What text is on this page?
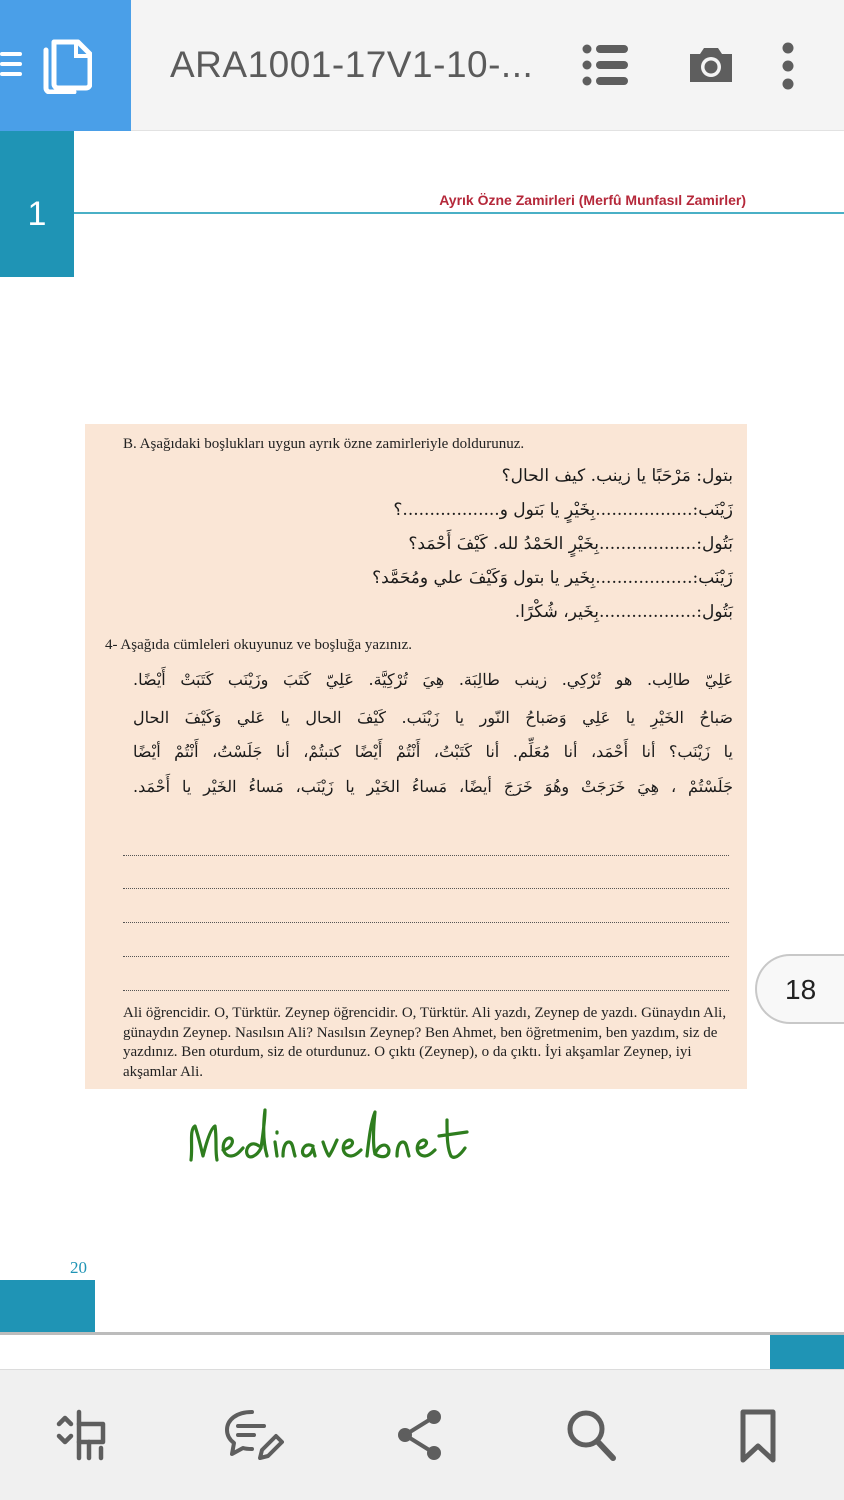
ARA1001-17V1-10-...
1	Ayrık Özne Zamirleri (Merfû Munfasıl Zamirler)
B. Aşağıdaki boşlukları uygun ayrık özne zamirleriyle doldurunuz.
بتول: مَرْحَبًا يا زينب. كيف الحال؟
زَيْنَب:..................بِخَيْرٍ يا بَتول و..................؟
بَتُول:..................بِخَيْرٍ الحَمْدُ لله. كَيْفَ أَحْمَد؟
زَيْنَب:..................بِخَير يا بتول وَكَيْفَ علي ومُحَمَّد؟
بَتُول:..................بِخَير، شُكْرًا.
4- Aşağıda cümleleri okuyunuz ve boşluğa yazınız.
عَلِيّ طالِب. هو تُرْكِي. زينب طالِبَة. هِيَ تُرْكِيَّة. عَلِيّ كَتَبَ وزَيْنَب كَتَبَتْ أَيْضًا.
صَباحُ الخَيْرِ يا عَلِي وَصَباحُ النّور يا زَيْنَب. كَيْفَ الحال يا عَلي وَكَيْفَ الحال
يا زَيْنَب؟ أنا أَحْمَد، أنا مُعَلِّم. أنا كَتَبْتُ، أَنْتُمْ أَيْضًا كتبتُمْ، أنا جَلَسْتُ، أَنْتُمْ أيْضًا
جَلَسْتُمْ ، هِيَ خَرَجَتْ وهُوَ خَرَجَ أيضًا، مَساءُ الخَيْر يا زَيْنَب، مَساءُ الخَيْر يا أَحْمَد.
Ali öğrencidir. O, Türktür. Zeynep öğrencidir. O, Türktür. Ali yazdı, Zeynep de yazdı. Günaydın Ali, günaydın Zeynep. Nasılsın Ali? Nasılsın Zeynep? Ben Ahmet, ben öğretmenim, ben yazdım, siz de yazdınız. Ben oturdum, siz de oturdunuz. O çıktı (Zeynep), o da çıktı. İyi akşamlar Zeynep, iyi akşamlar Ali.
18
20
